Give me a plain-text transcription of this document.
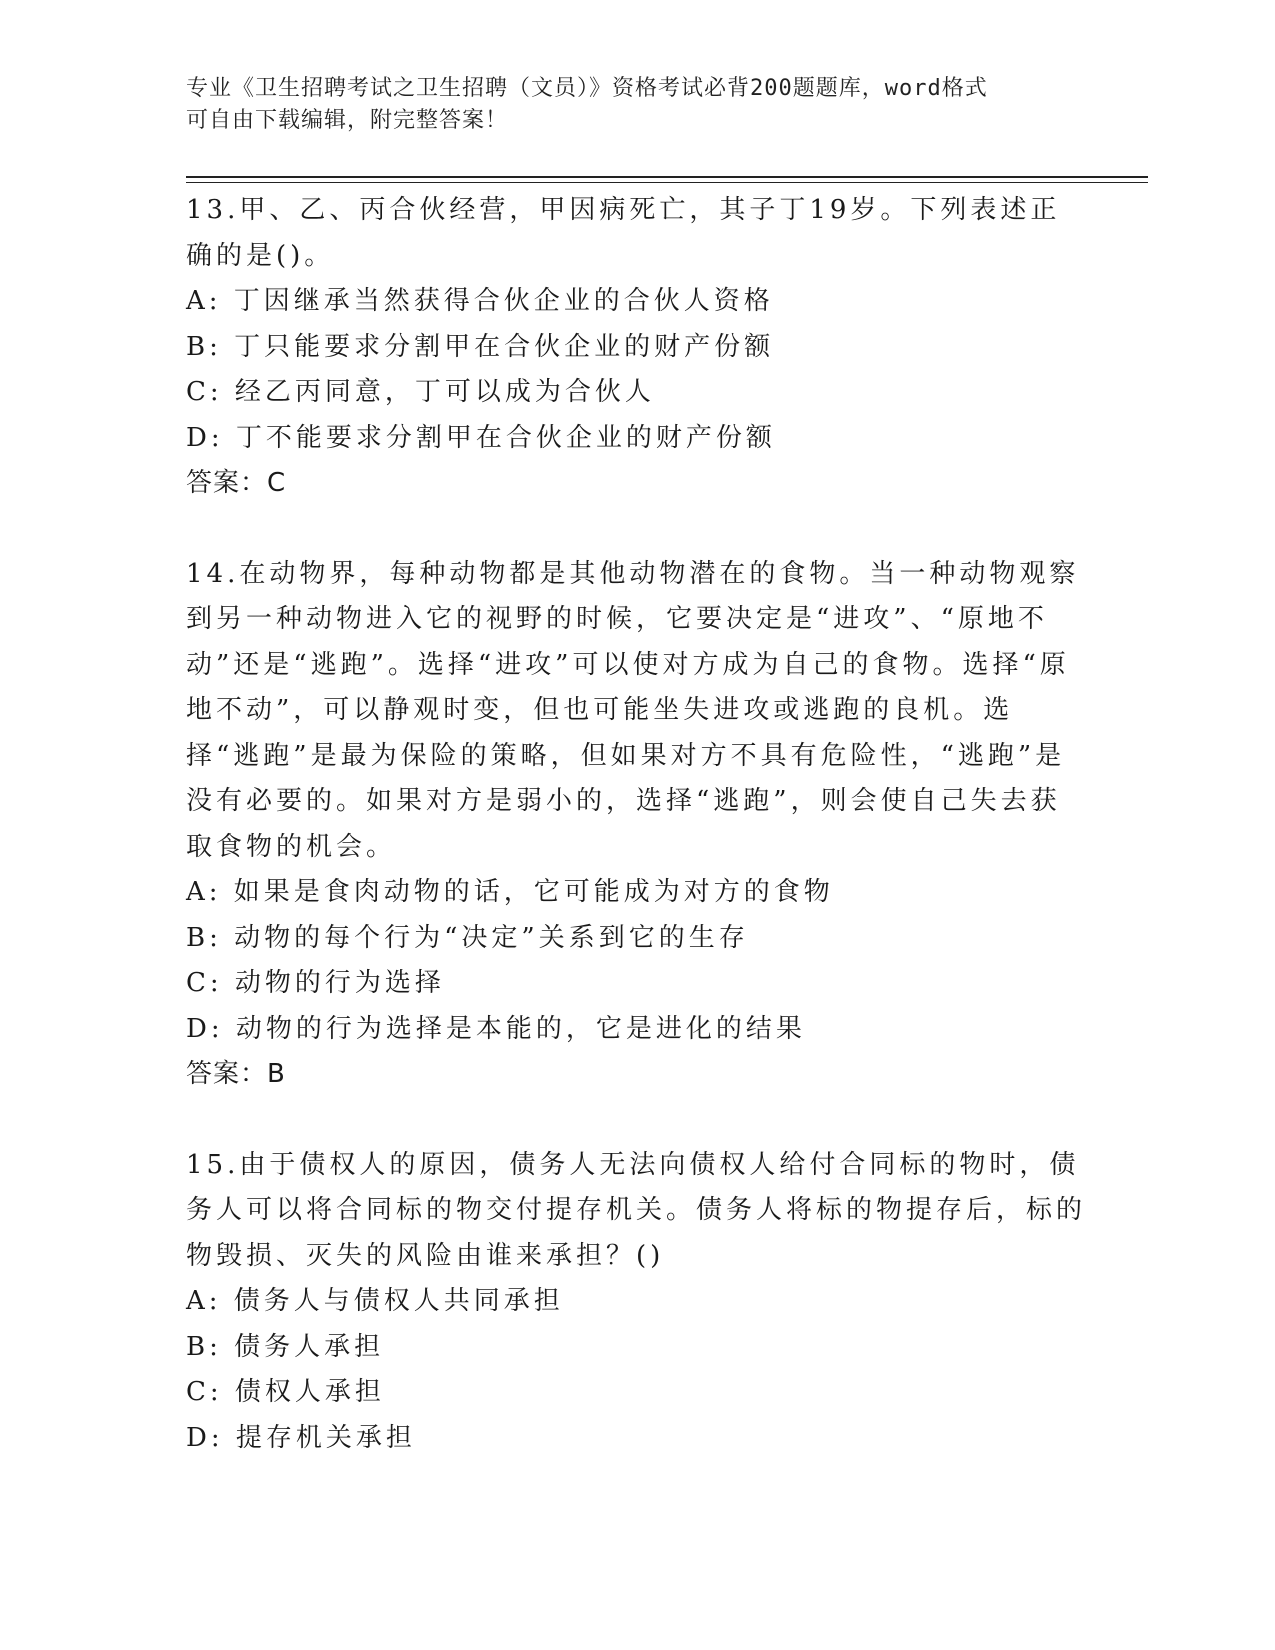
专业《卫生招聘考试之卫生招聘（文员）》资格考试必背200题题库，word格式
可自由下载编辑，附完整答案！

13.甲、乙、丙合伙经营，甲因病死亡，其子丁19岁。下列表述正确的是()。

A: 丁因继承当然获得合伙企业的合伙人资格

B: 丁只能要求分割甲在合伙企业的财产份额

C: 经乙丙同意，丁可以成为合伙人

D: 丁不能要求分割甲在合伙企业的财产份额

答案：C

14.在动物界，每种动物都是其他动物潜在的食物。当一种动物观察到另一种动物进入它的视野的时候，它要决定是“进攻”、“原地不动”还是“逃跑”。选择“进攻”可以使对方成为自己的食物。选择“原地不动”，可以静观时变，但也可能坐失进攻或逃跑的良机。选择“逃跑”是最为保险的策略，但如果对方不具有危险性，“逃跑”是没有必要的。如果对方是弱小的，选择“逃跑”，则会使自己失去获取食物的机会。

A: 如果是食肉动物的话，它可能成为对方的食物

B: 动物的每个行为“决定”关系到它的生存

C: 动物的行为选择

D: 动物的行为选择是本能的，它是进化的结果

答案：B

15.由于债权人的原因，债务人无法向债权人给付合同标的物时，债务人可以将合同标的物交付提存机关。债务人将标的物提存后，标的物毁损、灭失的风险由谁来承担？()

A: 债务人与债权人共同承担

B: 债务人承担

C: 债权人承担

D: 提存机关承担
